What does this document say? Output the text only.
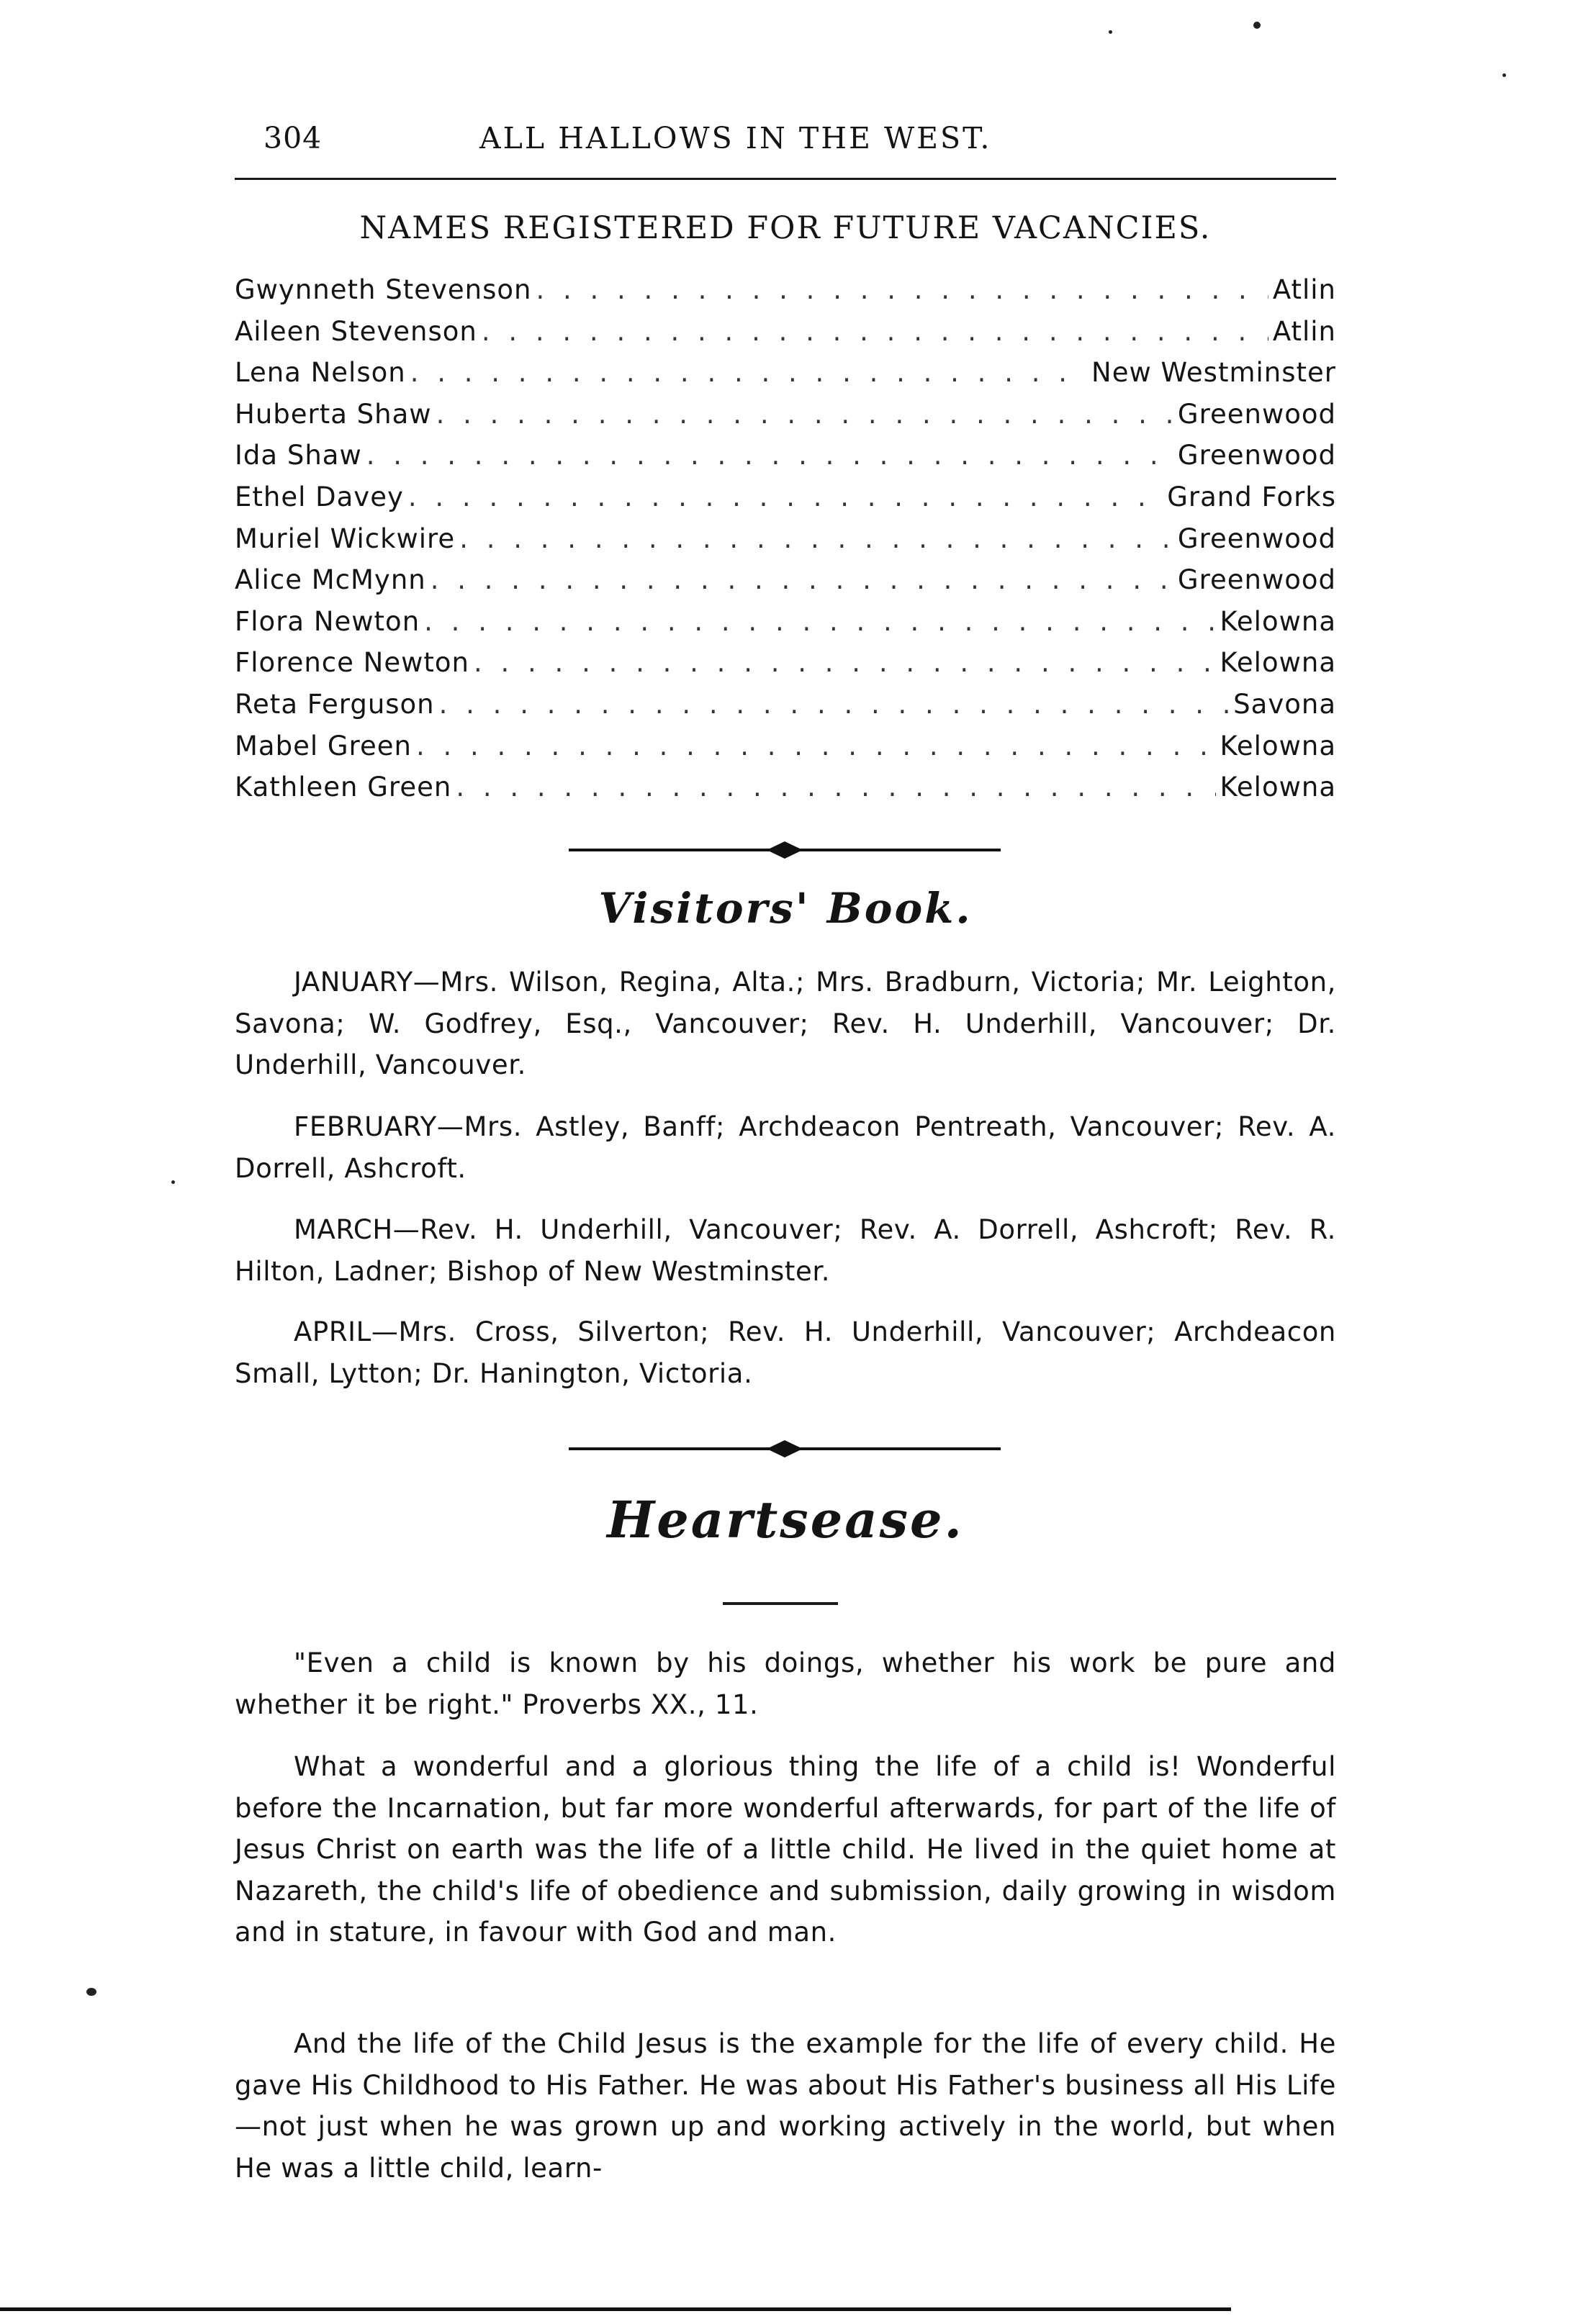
304	ALL HALLOWS IN THE WEST.
NAMES REGISTERED FOR FUTURE VACANCIES.
Gwynneth Stevenson . . .	Atlin
Aileen Stevenson . . .	Atlin
Lena Nelson . . .	New Westminster
Huberta Shaw . . .	Greenwood
Ida Shaw . . .	Greenwood
Ethel Davey . . .	Grand Forks
Muriel Wickwire . . .	Greenwood
Alice McMynn . . .	Greenwood
Flora Newton . . .	Kelowna
Florence Newton . . .	Kelowna
Reta Ferguson . . .	Savona
Mabel Green . . .	Kelowna
Kathleen Green . . .	Kelowna
Visitors' Book.

JANUARY—Mrs. Wilson, Regina, Alta.; Mrs. Bradburn, Victoria; Mr. Leighton, Savona; W. Godfrey, Esq., Vancouver; Rev. H. Underhill, Vancouver; Dr. Underhill, Vancouver.

FEBRUARY—Mrs. Astley, Banff; Archdeacon Pentreath, Vancouver; Rev. A. Dorrell, Ashcroft.

MARCH—Rev. H. Underhill, Vancouver; Rev. A. Dorrell, Ashcroft; Rev. R. Hilton, Ladner; Bishop of New Westminster.

APRIL—Mrs. Cross, Silverton; Rev. H. Underhill, Vancouver; Archdeacon Small, Lytton; Dr. Hanington, Victoria.

Heartsease.

"Even a child is known by his doings, whether his work be pure and whether it be right." Proverbs XX., 11.

What a wonderful and a glorious thing the life of a child is! Wonderful before the Incarnation, but far more wonderful afterwards, for part of the life of Jesus Christ on earth was the life of a little child. He lived in the quiet home at Nazareth, the child's life of obedience and submission, daily growing in wisdom and in stature, in favour with God and man.

And the life of the Child Jesus is the example for the life of every child. He gave His Childhood to His Father. He was about His Father's business all His Life—not just when he was grown up and working actively in the world, but when He was a little child, learn-
